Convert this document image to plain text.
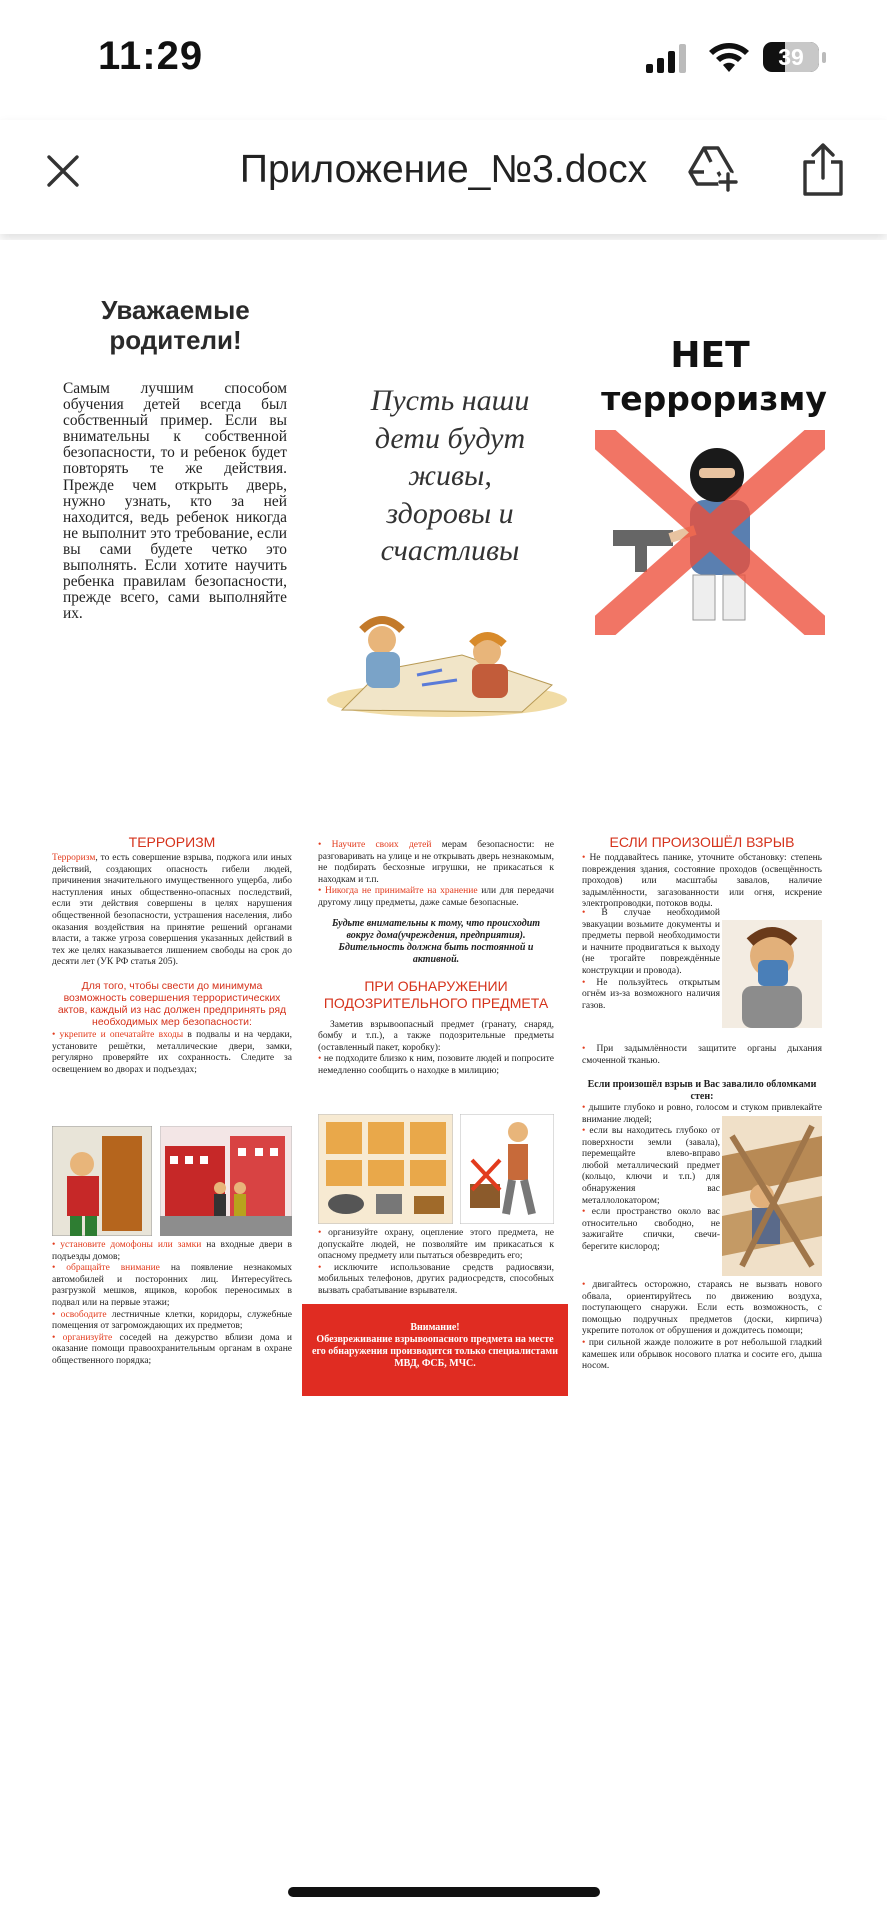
11:29	39
Приложение_№3.docx
Уважаемые родители!
Самым лучшим способом обучения детей всегда был собственный пример. Если вы внимательны к собственной безопасности, то и ребенок будет повторять те же действия. Прежде чем открыть дверь, нужно узнать, кто за ней находится, ведь ребенок никогда не выполнит это требование, если вы сами будете четко это выполнять. Если хотите научить ребенка правилам безопасности, прежде всего, сами выполняйте их.
Пусть наши
дети будут
живы,
здоровы и
счастливы
НЕТ
терроризму
ТЕРРОРИЗМ
Терроризм, то есть совершение взрыва, поджога или иных действий, создающих опасность гибели людей, причинения значительного имущественного ущерба, либо наступления иных общественно-опасных последствий, если эти действия совершены в целях нарушения общественной безопасности, устрашения населения, либо оказания воздействия на принятие решений органами власти, а также угроза совершения указанных действий в тех же целях наказывается лишением свободы на срок до десяти лет (УК РФ статья 205).
Для того, чтобы свести до минимума возможность совершения террористических актов, каждый из нас должен предпринять ряд необходимых мер безопасности:
• укрепите и опечатайте входы в подвалы и на чердаки, установите решётки, металлические двери, замки, регулярно проверяйте их сохранность. Следите за освещением во дворах и подъездах;
• установите домофоны или замки на входные двери в подъезды домов;
• обращайте внимание на появление незнакомых автомобилей и посторонних лиц. Интересуйтесь разгрузкой мешков, ящиков, коробок переносимых в подвал или на первые этажи;
• освободите лестничные клетки, коридоры, служебные помещения от загромождающих их предметов;
• организуйте соседей на дежурство вблизи дома и оказание помощи правоохранительным органам в охране общественного порядка;
• Научите своих детей мерам безопасности: не разговаривать на улице и не открывать дверь незнакомым, не подбирать бесхозные игрушки, не прикасаться к находкам и т.п.
• Никогда не принимайте на хранение или для передачи другому лицу предметы, даже самые безопасные.
Будьте внимательны к тому, что происходит вокруг дома(учреждения, предприятия). Бдительность должна быть постоянной и активной.
ПРИ ОБНАРУЖЕНИИ ПОДОЗРИТЕЛЬНОГО ПРЕДМЕТА
Заметив взрывоопасный предмет (гранату, снаряд, бомбу и т.п.), а также подозрительные предметы (оставленный пакет, коробку):
• не подходите близко к ним, позовите людей и попросите немедленно сообщить о находке в милицию;
• организуйте охрану, оцепление этого предмета, не допускайте людей, не позволяйте им прикасаться к опасному предмету или пытаться обезвредить его;
• исключите использование средств радиосвязи, мобильных телефонов, других радиосредств, способных вызвать срабатывание взрывателя.
Внимание!
Обезвреживание взрывоопасного предмета на месте его обнаружения производится только специалистами МВД, ФСБ, МЧС.
ЕСЛИ ПРОИЗОШЁЛ ВЗРЫВ
• Не поддавайтесь панике, уточните обстановку: степень повреждения здания, состояние проходов (освещённость проходов) или масштабы завалов, наличие задымлённости, загазованности или огня, искрение электропроводки, потоков воды.
• В случае необходимой эвакуации возьмите документы и предметы первой необходимости и начните продвигаться к выходу (не трогайте повреждённые конструкции и провода).
• Не пользуйтесь открытым огнём из-за возможного наличия газов.
• При задымлённости защитите органы дыхания смоченной тканью.
Если произошёл взрыв и Вас завалило обломками стен:
• дышите глубоко и ровно, голосом и стуком привлекайте внимание людей;
• если вы находитесь глубоко от поверхности земли (завала), перемещайте влево-вправо любой металлический предмет (кольцо, ключи и т.п.) для обнаружения вас металлолокатором;
• если пространство около вас относительно свободно, не зажигайте спички, свечи- берегите кислород;
• двигайтесь осторожно, стараясь не вызвать нового обвала, ориентируйтесь по движению воздуха, поступающего снаружи. Если есть возможность, с помощью подручных предметов (доски, кирпича) укрепите потолок от обрушения и дождитесь помощи;
• при сильной жажде положите в рот небольшой гладкий камешек или обрывок носового платка и сосите его, дыша носом.
